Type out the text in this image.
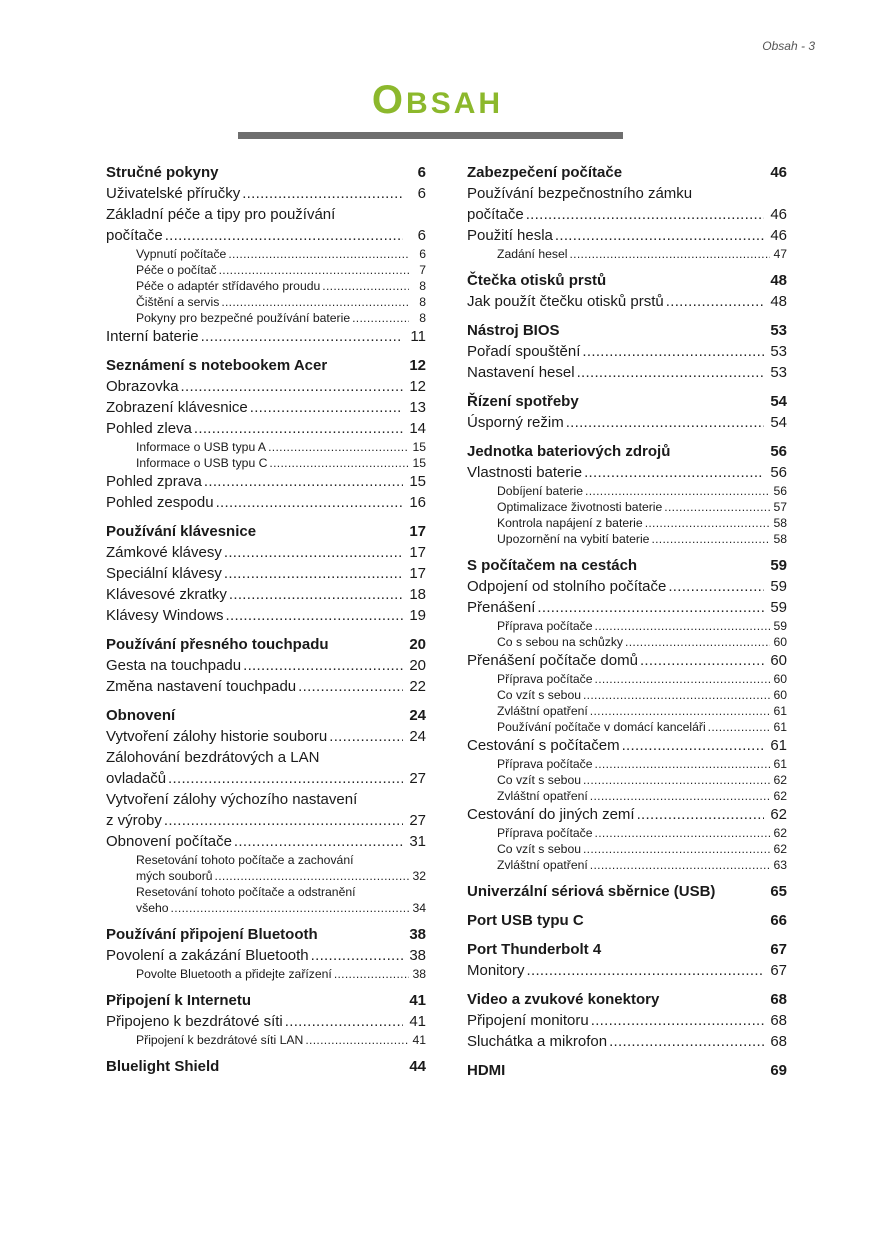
Obsah - 3
OBSAH
Stručné pokyny	6
Uživatelské příručky .....	6
Základní péče a tipy pro používání
počítače .....	6
Vypnutí počítače .....	6
Péče o počítač .....	7
Péče o adaptér střídavého proudu .....	8
Čištění a servis .....	8
Pokyny pro bezpečné používání baterie .....	8
Interní baterie .....	11
Seznámení s notebookem Acer	12
Obrazovka .....	12
Zobrazení klávesnice .....	13
Pohled zleva .....	14
Informace o USB typu A .....	15
Informace o USB typu C .....	15
Pohled zprava .....	15
Pohled zespodu .....	16
Používání klávesnice	17
Zámkové klávesy .....	17
Speciální klávesy .....	17
Klávesové zkratky .....	18
Klávesy Windows .....	19
Používání přesného touchpadu	20
Gesta na touchpadu .....	20
Změna nastavení touchpadu .....	22
Obnovení	24
Vytvoření zálohy historie souboru .....	24
Zálohování bezdrátových a LAN
ovladačů .....	27
Vytvoření zálohy výchozího nastavení
z výroby .....	27
Obnovení počítače .....	31
Resetování tohoto počítače a zachování
mých souborů .....	32
Resetování tohoto počítače a odstranění
všeho .....	34
Používání připojení Bluetooth	38
Povolení a zakázání Bluetooth .....	38
Povolte Bluetooth a přidejte zařízení .....	38
Připojení k Internetu	41
Připojeno k bezdrátové síti .....	41
Připojení k bezdrátové síti LAN .....	41
Bluelight Shield	44
Zabezpečení počítače	46
Používání bezpečnostního zámku
počítače .....	46
Použití hesla .....	46
Zadání hesel .....	47
Čtečka otisků prstů	48
Jak použít čtečku otisků prstů .....	48
Nástroj BIOS	53
Pořadí spouštění .....	53
Nastavení hesel .....	53
Řízení spotřeby	54
Úsporný režim .....	54
Jednotka bateriových zdrojů	56
Vlastnosti baterie .....	56
Dobíjení baterie .....	56
Optimalizace životnosti baterie .....	57
Kontrola napájení z baterie .....	58
Upozornění na vybití baterie .....	58
S počítačem na cestách	59
Odpojení od stolního počítače .....	59
Přenášení .....	59
Příprava počítače .....	59
Co s sebou na schůzky .....	60
Přenášení počítače domů .....	60
Příprava počítače .....	60
Co vzít s sebou .....	60
Zvláštní opatření .....	61
Používání počítače v domácí kanceláři .....	61
Cestování s počítačem .....	61
Příprava počítače .....	61
Co vzít s sebou .....	62
Zvláštní opatření .....	62
Cestování do jiných zemí .....	62
Příprava počítače .....	62
Co vzít s sebou .....	62
Zvláštní opatření .....	63
Univerzální sériová sběrnice (USB)	65
Port USB typu C	66
Port Thunderbolt 4	67
Monitory .....	67
Video a zvukové konektory	68
Připojení monitoru .....	68
Sluchátka a mikrofon .....	68
HDMI	69
